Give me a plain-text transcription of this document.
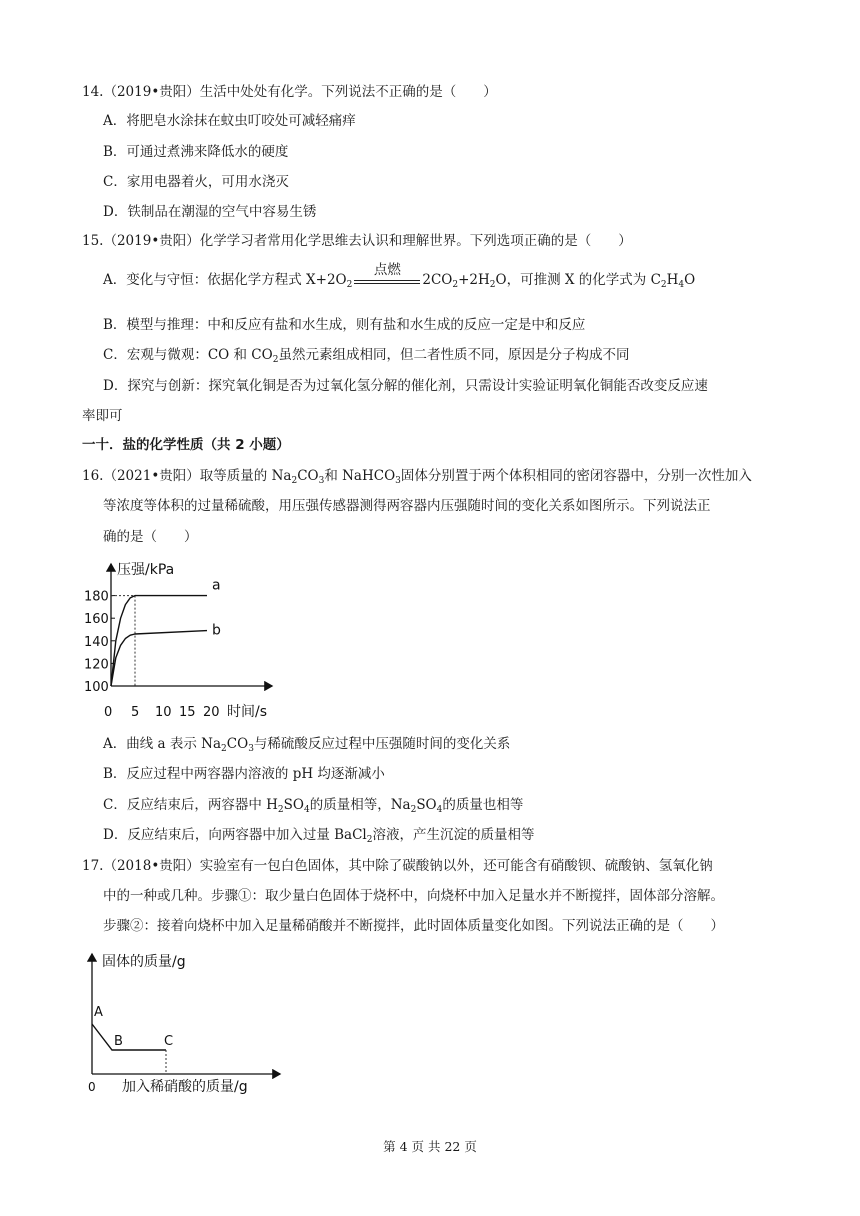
14.（2019•贵阳）生活中处处有化学。下列说法不正确的是（　　）
A．将肥皂水涂抹在蚊虫叮咬处可减轻痛痒
B．可通过煮沸来降低水的硬度
C．家用电器着火，可用水浇灭
D．铁制品在潮湿的空气中容易生锈
15.（2019•贵阳）化学学习者常用化学思维去认识和理解世界。下列选项正确的是（　　）
A．变化与守恒：依据化学方程式 $X+2O_2$
点燃
$2CO_2+2H_2O$，可推测 X 的化学式为 $C_2H_4O$
B．模型与推理：中和反应有盐和水生成，则有盐和水生成的反应一定是中和反应
C．宏观与微观：CO 和 $CO_2$虽然元素组成相同，但二者性质不同，原因是分子构成不同
D．探究与创新：探究氧化铜是否为过氧化氢分解的催化剂，只需设计实验证明氧化铜能否改变反应速
率即可
一十．盐的化学性质（共 2 小题）
16.（2021•贵阳）取等质量的 $Na_2CO_3$和 NaHCO$_3$固体分别置于两个体积相同的密闭容器中，分别一次性加入
等浓度等体积的过量稀硫酸，用压强传感器测得两容器内压强随时间的变化关系如图所示。下列说法正
确的是（　　）
压强/kPa
时间/s
100
120
140
160
180
0 5 10 15 20
a
b
A．曲线 a 表示 $Na_2CO_3$与稀硫酸反应过程中压强随时间的变化关系
B．反应过程中两容器内溶液的 pH 均逐渐减小
C．反应结束后，两容器中 $H_2SO_4$的质量相等，$Na_2SO_4$的质量也相等
D．反应结束后，向两容器中加入过量 BaCl$_2$溶液，产生沉淀的质量相等
17.（2018•贵阳）实验室有一包白色固体，其中除了碳酸钠以外，还可能含有硝酸钡、硫酸钠、氢氧化钠
中的一种或几种。步骤①：取少量白色固体于烧杯中，向烧杯中加入足量水并不断搅拌，固体部分溶解。
步骤②：接着向烧杯中加入足量稀硝酸并不断搅拌，此时固体质量变化如图。下列说法正确的是（　　）
固体的质量/g
加入稀硝酸的质量/g
0
A
B	C
第 4 页 共 22 页
